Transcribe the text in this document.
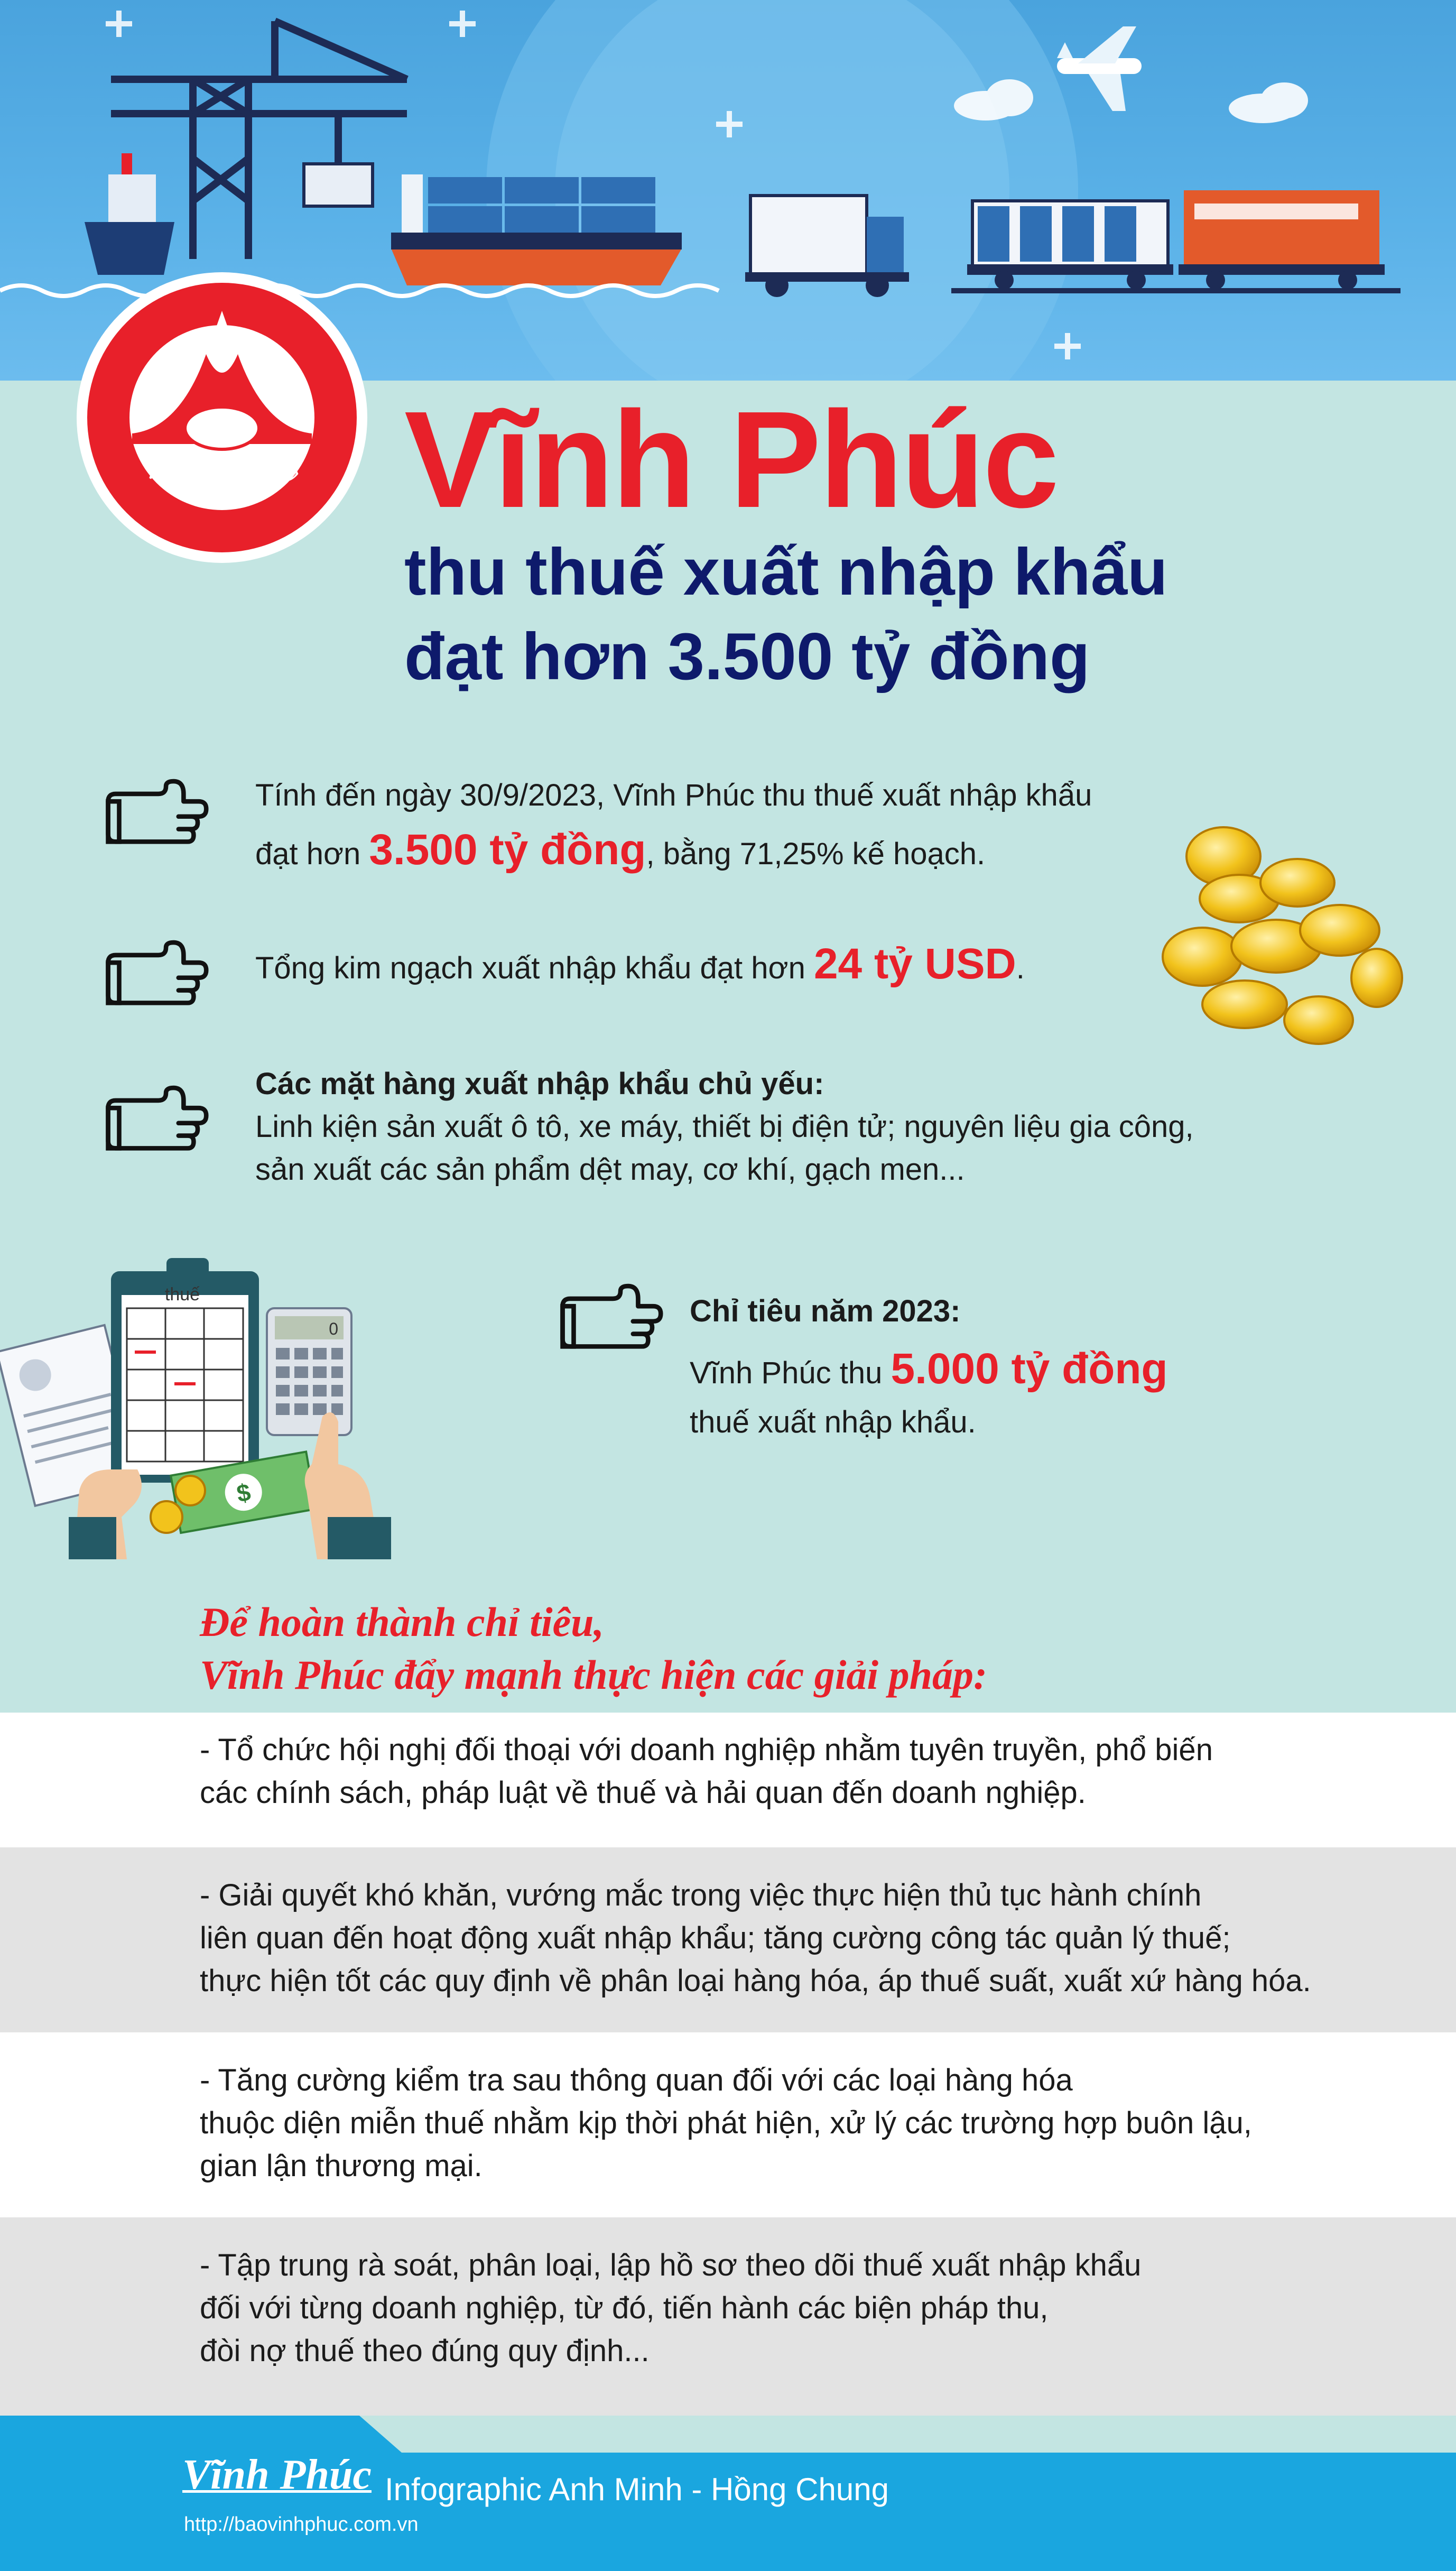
VĨNH PHÚC Vĩnh Phúc
thu thuế xuất nhập khẩu
đạt hơn 3.500 tỷ đồng
Tính đến ngày 30/9/2023, Vĩnh Phúc thu thuế xuất nhập khẩu
đạt hơn 3.500 tỷ đồng, bằng 71,25% kế hoạch.
Tổng kim ngạch xuất nhập khẩu đạt hơn 24 tỷ USD.
Các mặt hàng xuất nhập khẩu chủ yếu:
Linh kiện sản xuất ô tô, xe máy, thiết bị điện tử; nguyên liệu gia công,
sản xuất các sản phẩm dệt may, cơ khí, gạch men...
thuế
0
$
Chỉ tiêu năm 2023:
Vĩnh Phúc thu 5.000 tỷ đồng
thuế xuất nhập khẩu.
Để hoàn thành chỉ tiêu,
Vĩnh Phúc đẩy mạnh thực hiện các giải pháp:
- Tổ chức hội nghị đối thoại với doanh nghiệp nhằm tuyên truyền, phổ biến
các chính sách, pháp luật về thuế và hải quan đến doanh nghiệp.
- Giải quyết khó khăn, vướng mắc trong việc thực hiện thủ tục hành chính
liên quan đến hoạt động xuất nhập khẩu; tăng cường công tác quản lý thuế;
thực hiện tốt các quy định về phân loại hàng hóa, áp thuế suất, xuất xứ hàng hóa.
- Tăng cường kiểm tra sau thông quan đối với các loại hàng hóa
thuộc diện miễn thuế nhằm kịp thời phát hiện, xử lý các trường hợp buôn lậu,
gian lận thương mại.
- Tập trung rà soát, phân loại, lập hồ sơ theo dõi thuế xuất nhập khẩu
đối với từng doanh nghiệp, từ đó, tiến hành các biện pháp thu,
đòi nợ thuế theo đúng quy định...
Vĩnh Phúc Infographic Anh Minh - Hồng Chung
http://baovinhphuc.com.vn
